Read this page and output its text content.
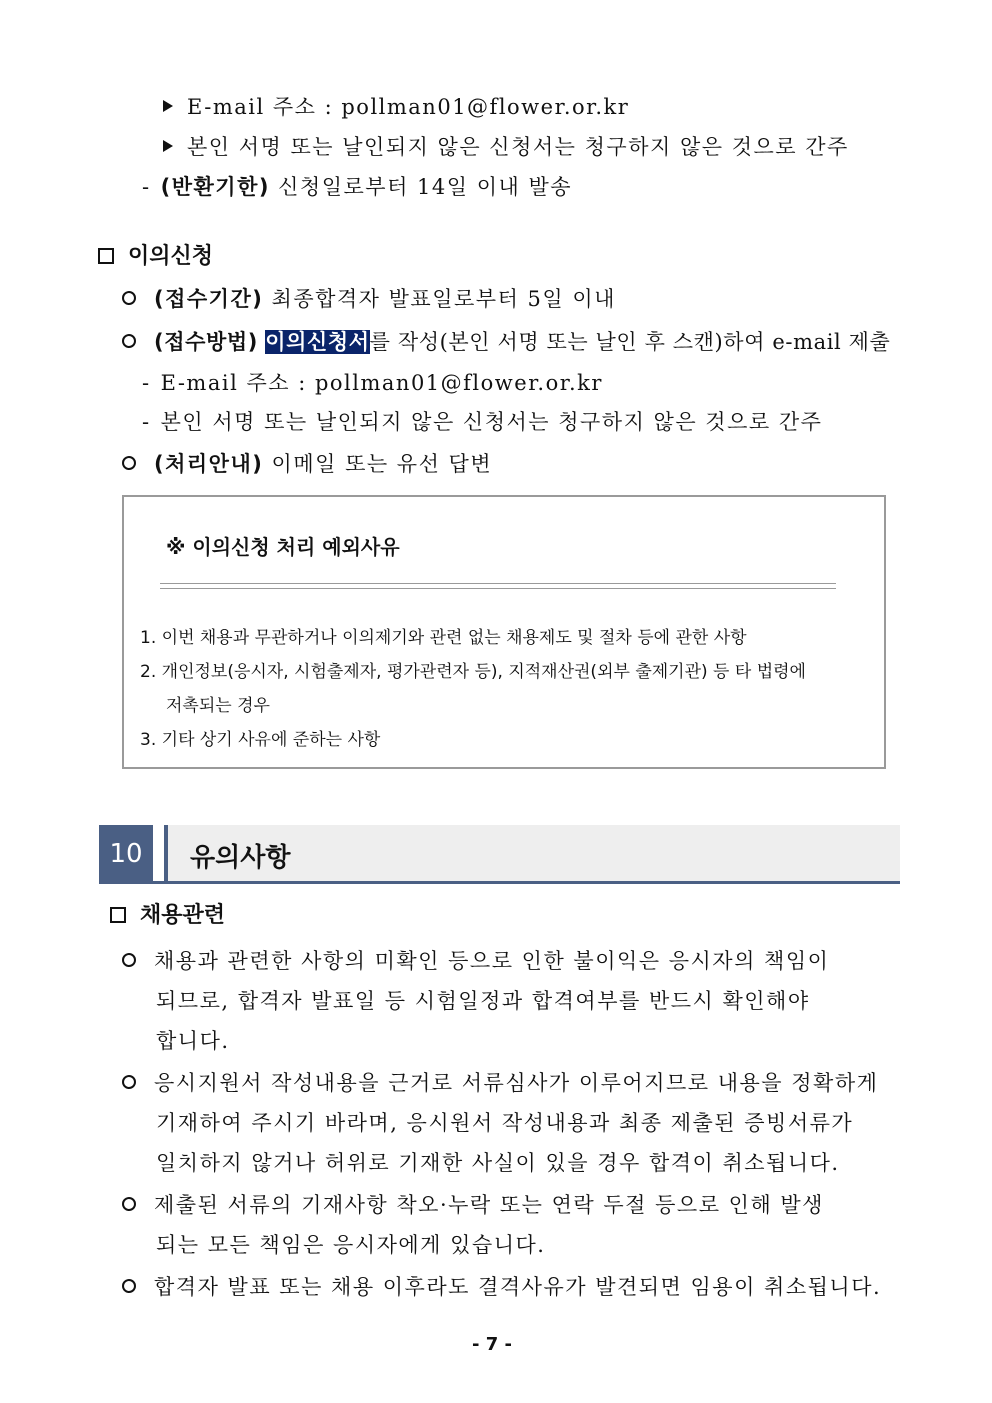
E-mail 주소 : pollman01@flower.or.kr
본인 서명 또는 날인되지 않은 신청서는 청구하지 않은 것으로 간주
- (반환기한) 신청일로부터 14일 이내 발송
이의신청
(접수기간) 최종합격자 발표일로부터 5일 이내
(접수방법) 이의신청서를 작성(본인 서명 또는 날인 후 스캔)하여 e-mail 제출
- E-mail 주소 : pollman01@flower.or.kr
- 본인 서명 또는 날인되지 않은 신청서는 청구하지 않은 것으로 간주
(처리안내) 이메일 또는 유선 답변
※ 이의신청 처리 예외사유
1. 이번 채용과 무관하거나 이의제기와 관련 없는 채용제도 및 절차 등에 관한 사항
2. 개인정보(응시자, 시험출제자, 평가관련자 등), 지적재산권(외부 출제기관) 등 타 법령에
저촉되는 경우
3. 기타 상기 사유에 준하는 사항
10	유의사항
채용관련
채용과 관련한 사항의 미확인 등으로 인한 불이익은 응시자의 책임이
되므로, 합격자 발표일 등 시험일정과 합격여부를 반드시 확인해야
합니다.
응시지원서 작성내용을 근거로 서류심사가 이루어지므로 내용을 정확하게
기재하여 주시기 바라며, 응시원서 작성내용과 최종 제출된 증빙서류가
일치하지 않거나 허위로 기재한 사실이 있을 경우 합격이 취소됩니다.
제출된 서류의 기재사항 착오·누락 또는 연락 두절 등으로 인해 발생
되는 모든 책임은 응시자에게 있습니다.
합격자 발표 또는 채용 이후라도 결격사유가 발견되면 임용이 취소됩니다.
- 7 -
